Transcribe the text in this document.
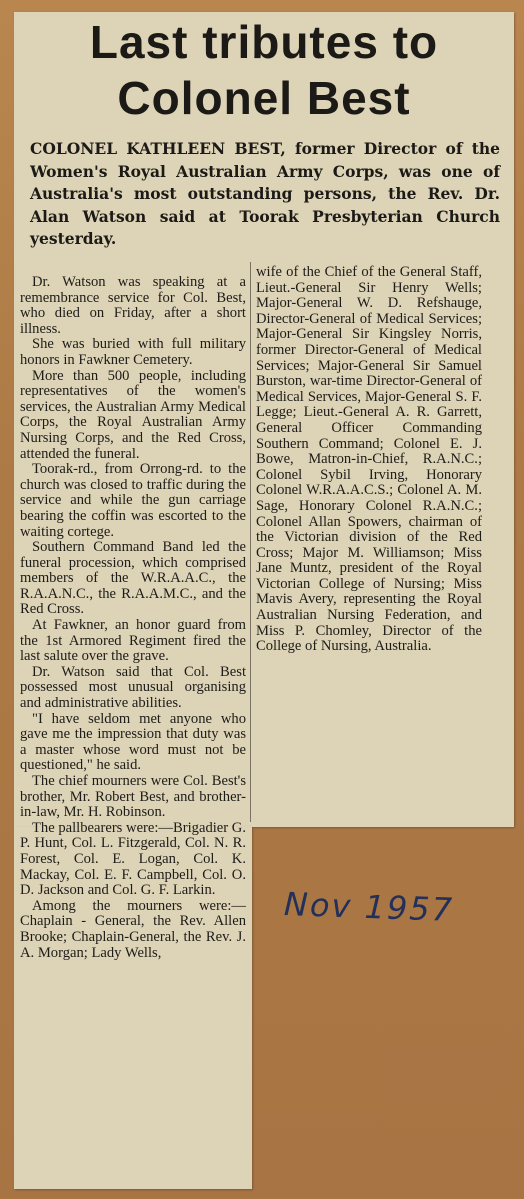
Last tributes to
Colonel Best
COLONEL KATHLEEN BEST, former Director of the Women's Royal Australian Army Corps, was one of Australia's most outstanding persons, the Rev. Dr. Alan Watson said at Toorak Presbyterian Church yesterday.

Dr. Watson was speaking at a remembrance service for Col. Best, who died on Friday, after a short illness.

She was buried with full military honors in Fawkner Cemetery.

More than 500 people, including representatives of the women's services, the Australian Army Medical Corps, the Royal Australian Army Nursing Corps, and the Red Cross, attended the funeral.

Toorak-rd., from Orrong-rd. to the church was closed to traffic during the service and while the gun carriage bearing the coffin was escorted to the waiting cortege.

Southern Command Band led the funeral procession, which comprised members of the W.R.A.A.C., the R.A.A.N.C., the R.A.A.M.C., and the Red Cross.

At Fawkner, an honor guard from the 1st Armored Regiment fired the last salute over the grave.

Dr. Watson said that Col. Best possessed most unusual organising and administrative abilities.

"I have seldom met anyone who gave me the impression that duty was a master whose word must not be questioned," he said.

The chief mourners were Col. Best's brother, Mr. Robert Best, and brother-in-law, Mr. H. Robinson.

The pallbearers were:—Brigadier G. P. Hunt, Col. L. Fitzgerald, Col. N. R. Forest, Col. E. Logan, Col. K. Mackay, Col. E. F. Campbell, Col. O. D. Jackson and Col. G. F. Larkin.

Among the mourners were:—Chaplain - General, the Rev. Allen Brooke; Chaplain-General, the Rev. J. A. Morgan; Lady Wells,

wife of the Chief of the General Staff, Lieut.-General Sir Henry Wells; Major-General W. D. Refshauge, Director-General of Medical Services; Major-General Sir Kingsley Norris, former Director-General of Medical Services; Major-General Sir Samuel Burston, war-time Director-General of Medical Services, Major-General S. F. Legge; Lieut.-General A. R. Garrett, General Officer Commanding Southern Command; Colonel E. J. Bowe, Matron-in-Chief, R.A.N.C.; Colonel Sybil Irving, Honorary Colonel W.R.A.A.C.S.; Colonel A. M. Sage, Honorary Colonel R.A.N.C.; Colonel Allan Spowers, chairman of the Victorian division of the Red Cross; Major M. Williamson; Miss Jane Muntz, president of the Royal Victorian College of Nursing; Miss Mavis Avery, representing the Royal Australian Nursing Federation, and Miss P. Chomley, Director of the College of Nursing, Australia.

Nov 1957
